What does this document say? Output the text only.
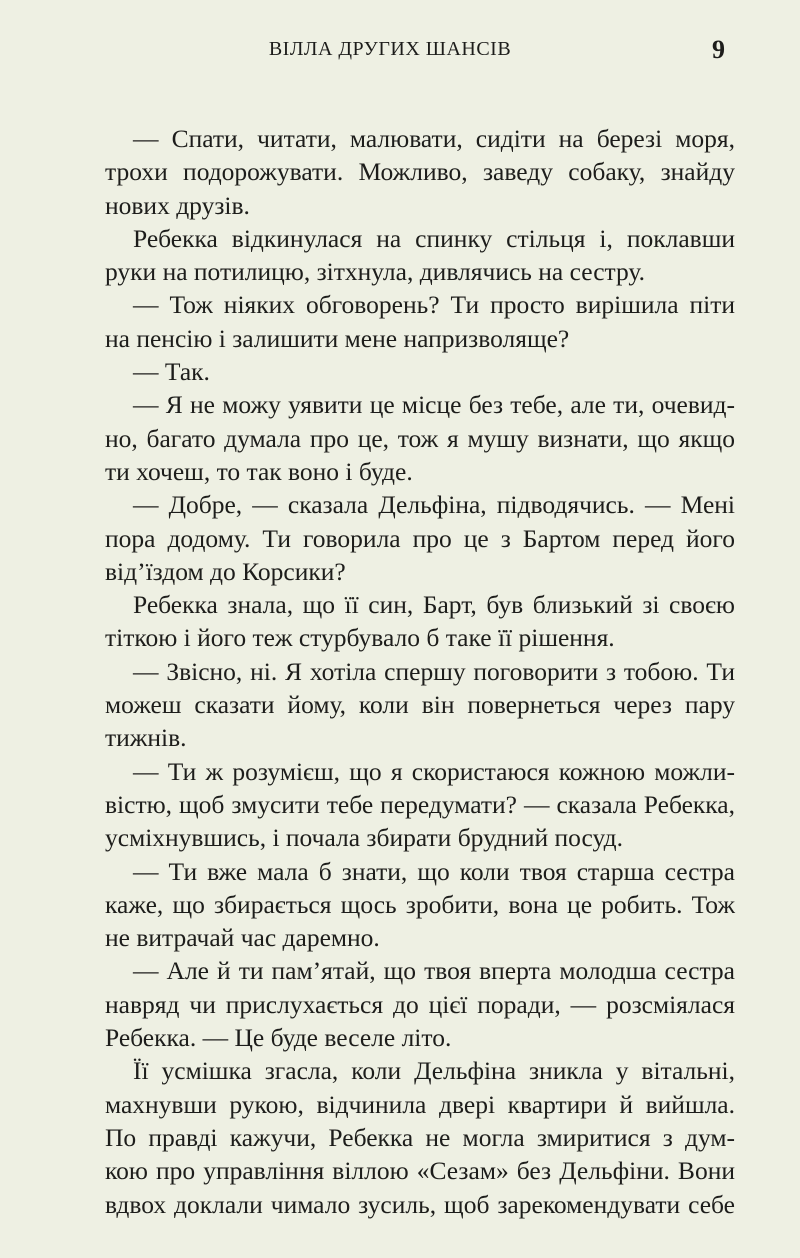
ВІЛЛА ДРУГИХ ШАНСІВ	9
— Спати, читати, малювати, сидіти на березі моря,
трохи подорожувати. Можливо, заведу собаку, знайду
нових друзів.
Ребекка відкинулася на спинку стільця і, поклавши
руки на потилицю, зітхнула, дивлячись на сестру.
— Тож ніяких обговорень? Ти просто вирішила піти
на пенсію і залишити мене напризволяще?
— Так.
— Я не можу уявити це місце без тебе, але ти, очевид-
но, багато думала про це, тож я мушу визнати, що якщо
ти хочеш, то так воно і буде.
— Добре, — сказала Дельфіна, підводячись. — Мені
пора додому. Ти говорила про це з Бартом перед його
від’їздом до Корсики?
Ребекка знала, що її син, Барт, був близький зі своєю
тіткою і його теж стурбувало б таке її рішення.
— Звісно, ні. Я хотіла спершу поговорити з тобою. Ти
можеш сказати йому, коли він повернеться через пару
тижнів.
— Ти ж розумієш, що я скористаюся кожною можли-
вістю, щоб змусити тебе передумати? — сказала Ребекка,
усміхнувшись, і почала збирати брудний посуд.
— Ти вже мала б знати, що коли твоя старша сестра
каже, що збирається щось зробити, вона це робить. Тож
не витрачай час даремно.
— Але й ти пам’ятай, що твоя вперта молодша сестра
навряд чи прислухається до цієї поради, — розсміялася
Ребекка. — Це буде веселе літо.
Її усмішка згасла, коли Дельфіна зникла у вітальні,
махнувши рукою, відчинила двері квартири й вийшла.
По правді кажучи, Ребекка не могла змиритися з дум-
кою про управління віллою «Сезам» без Дельфіни. Вони
вдвох доклали чимало зусиль, щоб зарекомендувати себе
